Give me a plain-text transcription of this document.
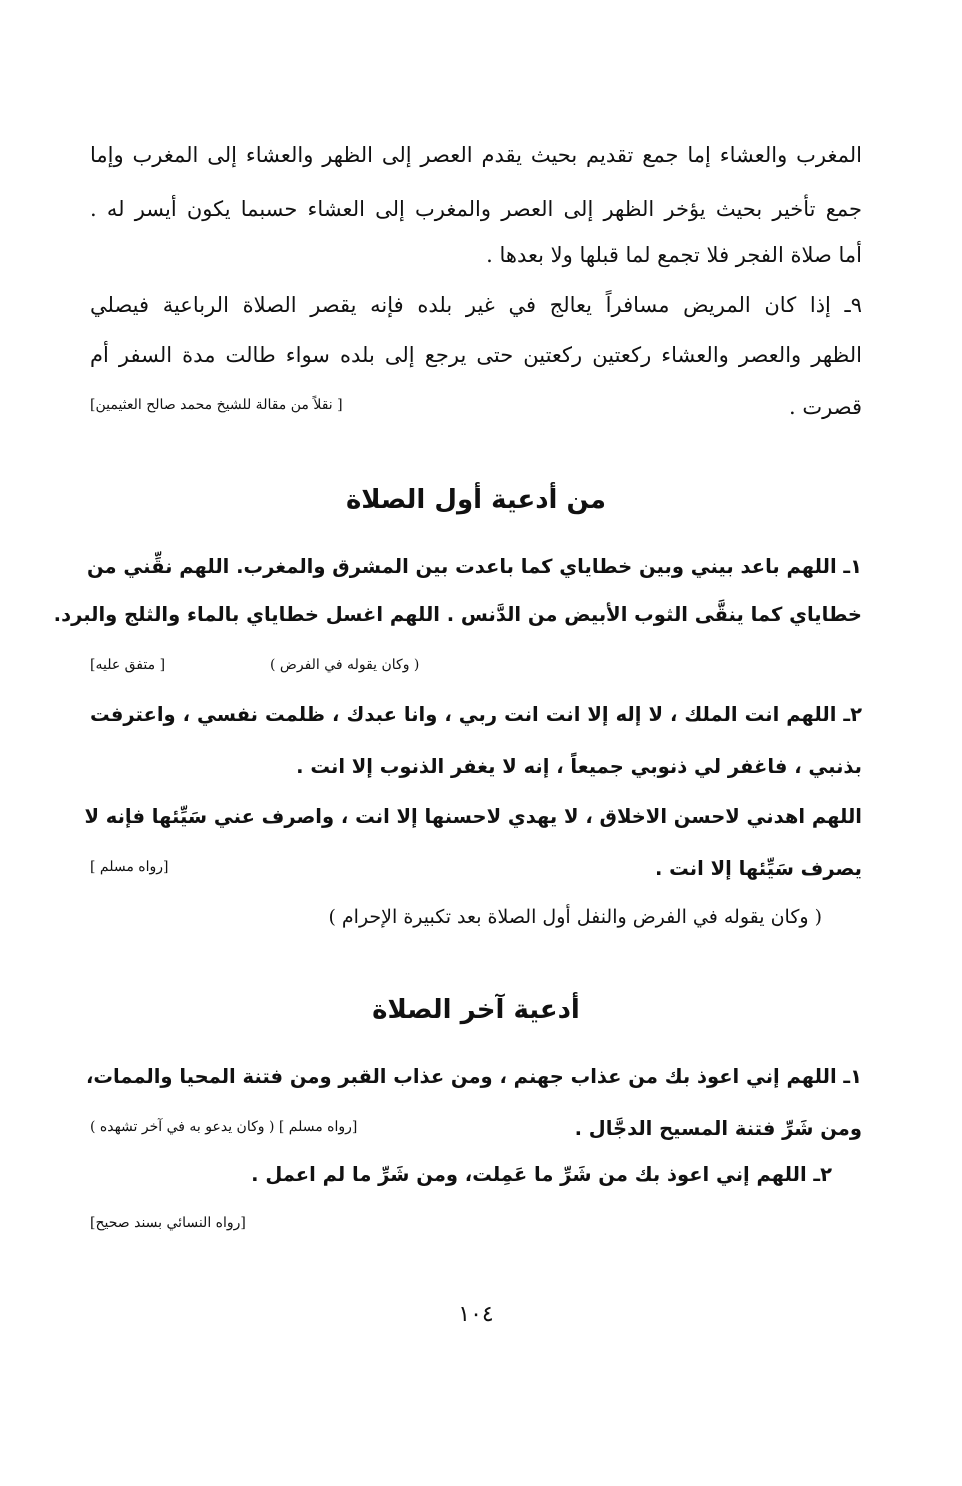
المغرب والعشاء إما جمع تقديم بحيث يقدم العصر إلى الظهر والعشاء إلى المغرب وإما
جمع تأخير بحيث يؤخر الظهر إلى العصر والمغرب إلى العشاء حسبما يكون أيسر له .
أما صلاة الفجر فلا تجمع لما قبلها ولا بعدها .
٩ـ إذا كان المريض مسافراً يعالج في غير بلده فإنه يقصر الصلاة الرباعية فيصلي
الظهر والعصر والعشاء ركعتين ركعتين حتى يرجع إلى بلده سواء طالت مدة السفر أم
قصرت .
[ نقلاً من مقالة للشيخ محمد صالح العثيمين]
من أدعية أول الصلاة
١ـ اللهم باعد بيني وبين خطاياي كما باعدت بين المشرق والمغرب. اللهم نقِّني من
خطاياي كما ينقَّى الثوب الأبيض من الدَّنس . اللهم اغسل خطاياي بالماء والثلج والبرد.
( وكان يقوله في الفرض )
[ متفق عليه]
٢ـ اللهم انت الملك ، لا إله إلا انت انت ربي ، وانا عبدك ، ظلمت نفسي ، واعترفت
بذنبي ، فاغفر لي ذنوبي جميعاً ، إنه لا يغفر الذنوب إلا انت .
اللهم اهدني لاحسن الاخلاق ، لا يهدي لاحسنها إلا انت ، واصرف عني سَيِّئها فإنه لا
يصرف سَيِّئها إلا انت .
[رواه مسلم ]
( وكان يقوله في الفرض والنفل أول الصلاة بعد تكبيرة الإحرام )
أدعية آخر الصلاة
١ـ اللهم إني اعوذ بك من عذاب جهنم ، ومن عذاب القبر ومن فتنة المحيا والممات،
ومن شَرِّ فتنة المسيح الدجَّال .
[رواه مسلم ] ( وكان يدعو به في آخر تشهده )
٢ـ اللهم إني اعوذ بك من شَرِّ ما عَمِلت، ومن شَرِّ ما لم اعمل .
[رواه النسائي بسند صحيح]
١٠٤
